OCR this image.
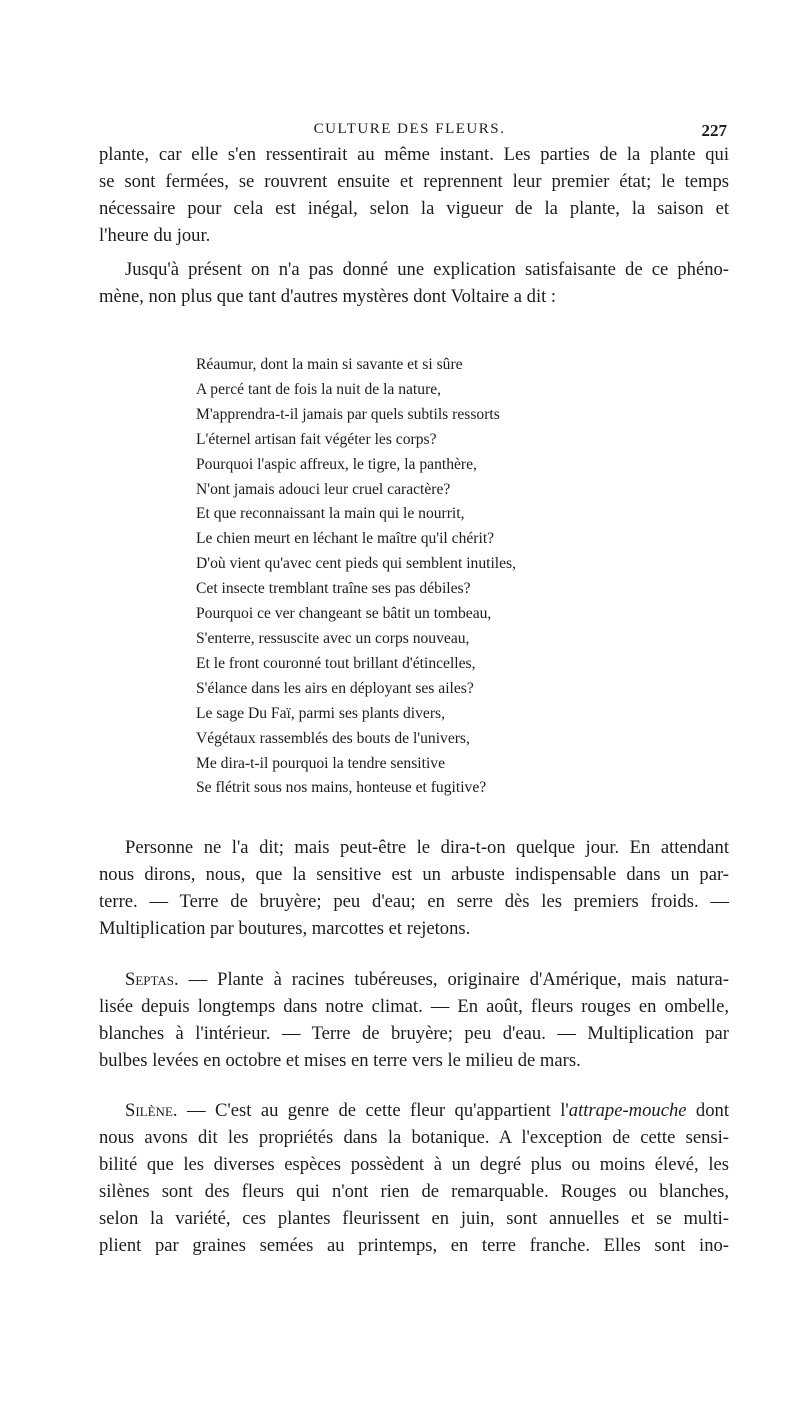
CULTURE DES FLEURS.	227

plante, car elle s'en ressentirait au même instant. Les parties de la plante qui
se sont fermées, se rouvrent ensuite et reprennent leur premier état; le temps
nécessaire pour cela est inégal, selon la vigueur de la plante, la saison et
l'heure du jour.

Jusqu'à présent on n'a pas donné une explication satisfaisante de ce phéno-
mène, non plus que tant d'autres mystères dont Voltaire a dit :

Réaumur, dont la main si savante et si sûre
A percé tant de fois la nuit de la nature,
M'apprendra-t-il jamais par quels subtils ressorts
L'éternel artisan fait végéter les corps?
Pourquoi l'aspic affreux, le tigre, la panthère,
N'ont jamais adouci leur cruel caractère?
Et que reconnaissant la main qui le nourrit,
Le chien meurt en léchant le maître qu'il chérit?
D'où vient qu'avec cent pieds qui semblent inutiles,
Cet insecte tremblant traîne ses pas débiles?
Pourquoi ce ver changeant se bâtit un tombeau,
S'enterre, ressuscite avec un corps nouveau,
Et le front couronné tout brillant d'étincelles,
S'élance dans les airs en déployant ses ailes?
Le sage Du Faï, parmi ses plants divers,
Végétaux rassemblés des bouts de l'univers,
Me dira-t-il pourquoi la tendre sensitive
Se flétrit sous nos mains, honteuse et fugitive?

Personne ne l'a dit; mais peut-être le dira-t-on quelque jour. En attendant
nous dirons, nous, que la sensitive est un arbuste indispensable dans un par-
terre. — Terre de bruyère; peu d'eau; en serre dès les premiers froids. —
Multiplication par boutures, marcottes et rejetons.

Septas. — Plante à racines tubéreuses, originaire d'Amérique, mais natura-
lisée depuis longtemps dans notre climat. — En août, fleurs rouges en ombelle,
blanches à l'intérieur. — Terre de bruyère; peu d'eau. — Multiplication par
bulbes levées en octobre et mises en terre vers le milieu de mars.

Silène. — C'est au genre de cette fleur qu'appartient l'attrape-mouche dont
nous avons dit les propriétés dans la botanique. A l'exception de cette sensi-
bilité que les diverses espèces possèdent à un degré plus ou moins élevé, les
silènes sont des fleurs qui n'ont rien de remarquable. Rouges ou blanches,
selon la variété, ces plantes fleurissent en juin, sont annuelles et se multi-
plient par graines semées au printemps, en terre franche. Elles sont ino-
